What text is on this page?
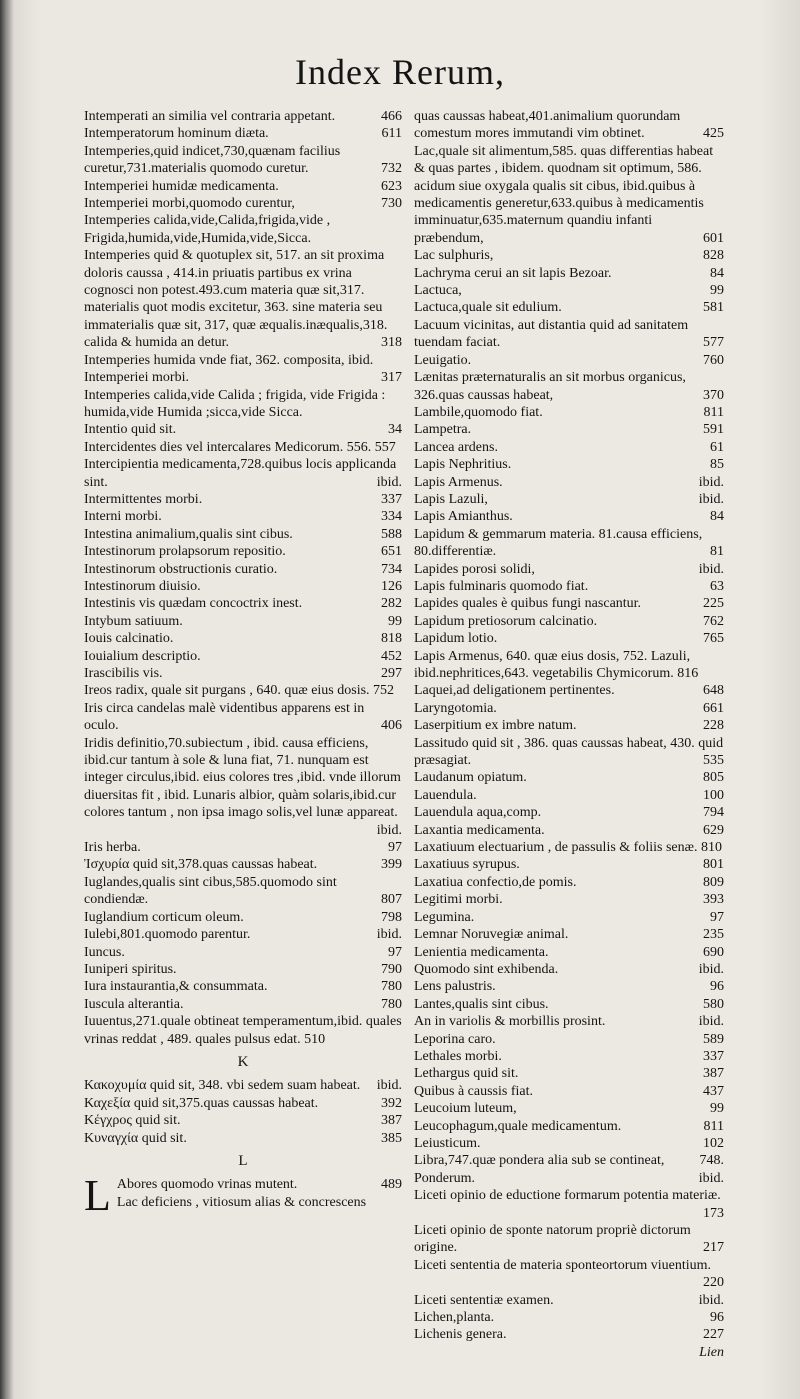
Index Rerum,
Intemperati an similia vel contraria appetant.	466
Intemperatorum hominum diæta.	611
Intemperies,quid indicet,730,quænam facilius curetur,731.materialis quomodo curetur.	732
Intemperiei humidæ medicamenta.	623
Intemperiei morbi,quomodo curentur,	730
Intemperies calida,vide,Calida,frigida,vide , Frigida,humida,vide,Humida,vide,Sicca.
Intemperies quid & quotuplex sit, 517. an sit proxima doloris caussa , 414.in priuatis partibus ex vrina cognosci non potest.493.cum materia quæ sit,317. materialis quot modis excitetur, 363. sine materia seu immaterialis quæ sit, 317, quæ æqualis.inæqualis,318. calida & humida an detur.	318
Intemperies humida vnde fiat, 362. composita, ibid.
Intemperiei morbi.	317
Intemperies calida,vide Calida ; frigida, vide Frigida : humida,vide Humida ;sicca,vide Sicca.
Intentio quid sit.	34
Intercidentes dies vel intercalares Medicorum. 556. 557
Intercipientia medicamenta,728.quibus locis applicanda sint.	ibid.
Intermittentes morbi.	337
Interni morbi.	334
Intestina animalium,qualis sint cibus.	588
Intestinorum prolapsorum repositio.	651
Intestinorum obstructionis curatio.	734
Intestinorum diuisio.	126
Intestinis vis quædam concoctrix inest.	282
Intybum satiuum.	99
Iouis calcinatio.	818
Iouialium descriptio.	452
Irascibilis vis.	297
Ireos radix, quale sit purgans , 640. quæ eius dosis. 752
Iris circa candelas malè videntibus apparens est in oculo.	406
Iridis definitio,70.subiectum , ibid. causa efficiens, ibid.cur tantum à sole & luna fiat, 71. nunquam est integer circulus,ibid. eius colores tres ,ibid. vnde illorum diuersitas fit , ibid. Lunaris albior, quàm solaris,ibid.cur colores tantum , non ipsa imago solis,vel lunæ appareat.
ibid.
Iris herba.	97
Ἰσχυρία quid sit,378.quas caussas habeat.	399
Iuglandes,qualis sint cibus,585.quomodo sint condiendæ.	807
Iuglandium corticum oleum.	798
Iulebi,801.quomodo parentur.	ibid.
Iuncus.	97
Iuniperi spiritus.	790
Iura instaurantia,& consummata.	780
Iuscula alterantia.	780
Iuuentus,271.quale obtineat temperamentum,ibid. quales vrinas reddat , 489. quales pulsus edat. 510
K
Κακοχυμία quid sit, 348. vbi sedem suam habeat. ibid.
Καχεξία quid sit,375.quas caussas habeat.	392
Κέγχρος quid sit.	387
Κυναγχία quid sit.	385
L
L Abores quomodo vrinas mutent.	489
Lac deficiens , vitiosum alias & concrescens
quas caussas habeat,401.animalium quorundam comestum mores immutandi vim obtinet.	425
Lac,quale sit alimentum,585. quas differentias habeat & quas partes , ibidem. quodnam sit optimum, 586. acidum siue oxygala qualis sit cibus, ibid.quibus à medicamentis generetur,633.quibus à medicamentis imminuatur,635.maternum quandiu infanti præbendum,	601
Lac sulphuris,	828
Lachryma cerui an sit lapis Bezoar.	84
Lactuca,	99
Lactuca,quale sit edulium.	581
Lacuum vicinitas, aut distantia quid ad sanitatem tuendam faciat.	577
Leuigatio.	760
Lænitas præternaturalis an sit morbus organicus, 326.quas caussas habeat,	370
Lambile,quomodo fiat.	811
Lampetra.	591
Lancea ardens.	61
Lapis Nephritius.	85
Lapis Armenus.	ibid.
Lapis Lazuli,	ibid.
Lapis Amianthus.	84
Lapidum & gemmarum materia. 81.causa efficiens, 80.differentiæ.	81
Lapides porosi solidi,	ibid.
Lapis fulminaris quomodo fiat.	63
Lapides quales è quibus fungi nascantur.	225
Lapidum pretiosorum calcinatio.	762
Lapidum lotio.	765
Lapis Armenus, 640. quæ eius dosis, 752. Lazuli, ibid.nephritices,643. vegetabilis Chymicorum. 816
Laquei,ad deligationem pertinentes.	648
Laryngotomia.	661
Laserpitium ex imbre natum.	228
Lassitudo quid sit , 386. quas caussas habeat, 430. quid præsagiat.	535
Laudanum opiatum.	805
Lauendula.	100
Lauendula aqua,comp.	794
Laxantia medicamenta.	629
Laxatiuum electuarium , de passulis & foliis senæ. 810
Laxatiuus syrupus.	801
Laxatiua confectio,de pomis.	809
Legitimi morbi.	393
Legumina.	97
Lemnar Noruvegiæ animal.	235
Lenientia medicamenta.	690
Quomodo sint exhibenda.	ibid.
Lens palustris.	96
Lantes,qualis sint cibus.	580
An in variolis & morbillis prosint.	ibid.
Leporina caro.	589
Lethales morbi.	337
Lethargus quid sit.	387
Quibus à caussis fiat.	437
Leucoium luteum,	99
Leucophagum,quale medicamentum.	811
Leiusticum.	102
Libra,747.quæ pondera alia sub se contineat,	748.
Ponderum.	ibid.
Liceti opinio de eductione formarum potentia materiæ.
173
Liceti opinio de sponte natorum propriè dictorum origine.	217
Liceti sententia de materia sponteortorum viuentium.
220
Liceti sententiæ examen.	ibid.
Lichen,planta.	96
Lichenis genera.	227
Lien
